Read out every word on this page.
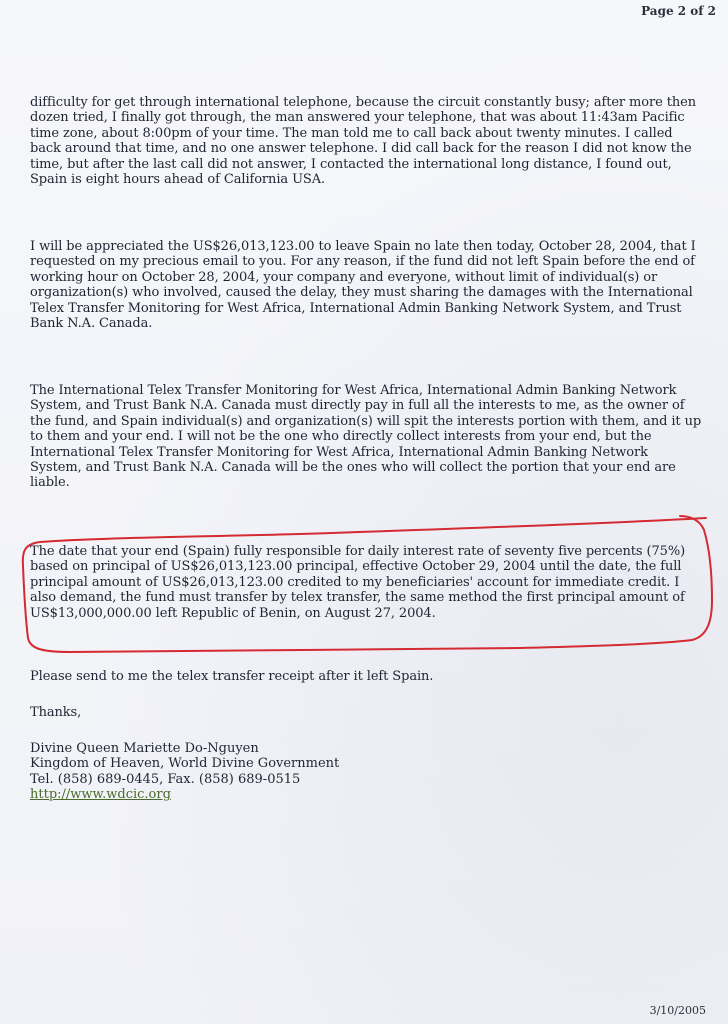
Page 2 of 2

difficulty for get through international telephone, because the circuit constantly busy; after more then dozen tried, I finally got through, the man answered your telephone, that was about 11:43am Pacific time zone, about 8:00pm of your time. The man told me to call back about twenty minutes. I called back around that time, and no one answer telephone. I did call back for the reason I did not know the time, but after the last call did not answer, I contacted the international long distance, I found out, Spain is eight hours ahead of California USA.

I will be appreciated the US$26,013,123.00 to leave Spain no late then today, October 28, 2004, that I requested on my precious email to you. For any reason, if the fund did not left Spain before the end of working hour on October 28, 2004, your company and everyone, without limit of individual(s) or organization(s) who involved, caused the delay, they must sharing the damages with the International Telex Transfer Monitoring for West Africa, International Admin Banking Network System, and Trust Bank N.A. Canada.

The International Telex Transfer Monitoring for West Africa, International Admin Banking Network System, and Trust Bank N.A. Canada must directly pay in full all the interests to me, as the owner of the fund, and Spain individual(s) and organization(s) will spit the interests portion with them, and it up to them and your end. I will not be the one who directly collect interests from your end, but the International Telex Transfer Monitoring for West Africa, International Admin Banking Network System, and Trust Bank N.A. Canada will be the ones who will collect the portion that your end are liable.

The date that your end (Spain) fully responsible for daily interest rate of seventy five percents (75%) based on principal of US$26,013,123.00 principal, effective October 29, 2004 until the date, the full principal amount of US$26,013,123.00 credited to my beneficiaries' account for immediate credit. I also demand, the fund must transfer by telex transfer, the same method the first principal amount of US$13,000,000.00 left Republic of Benin, on August 27, 2004.

Please send to me the telex transfer receipt after it left Spain.

Thanks,

Divine Queen Mariette Do-Nguyen
Kingdom of Heaven, World Divine Government
Tel. (858) 689-0445, Fax. (858) 689-0515
http://www.wdcic.org
3/10/2005
